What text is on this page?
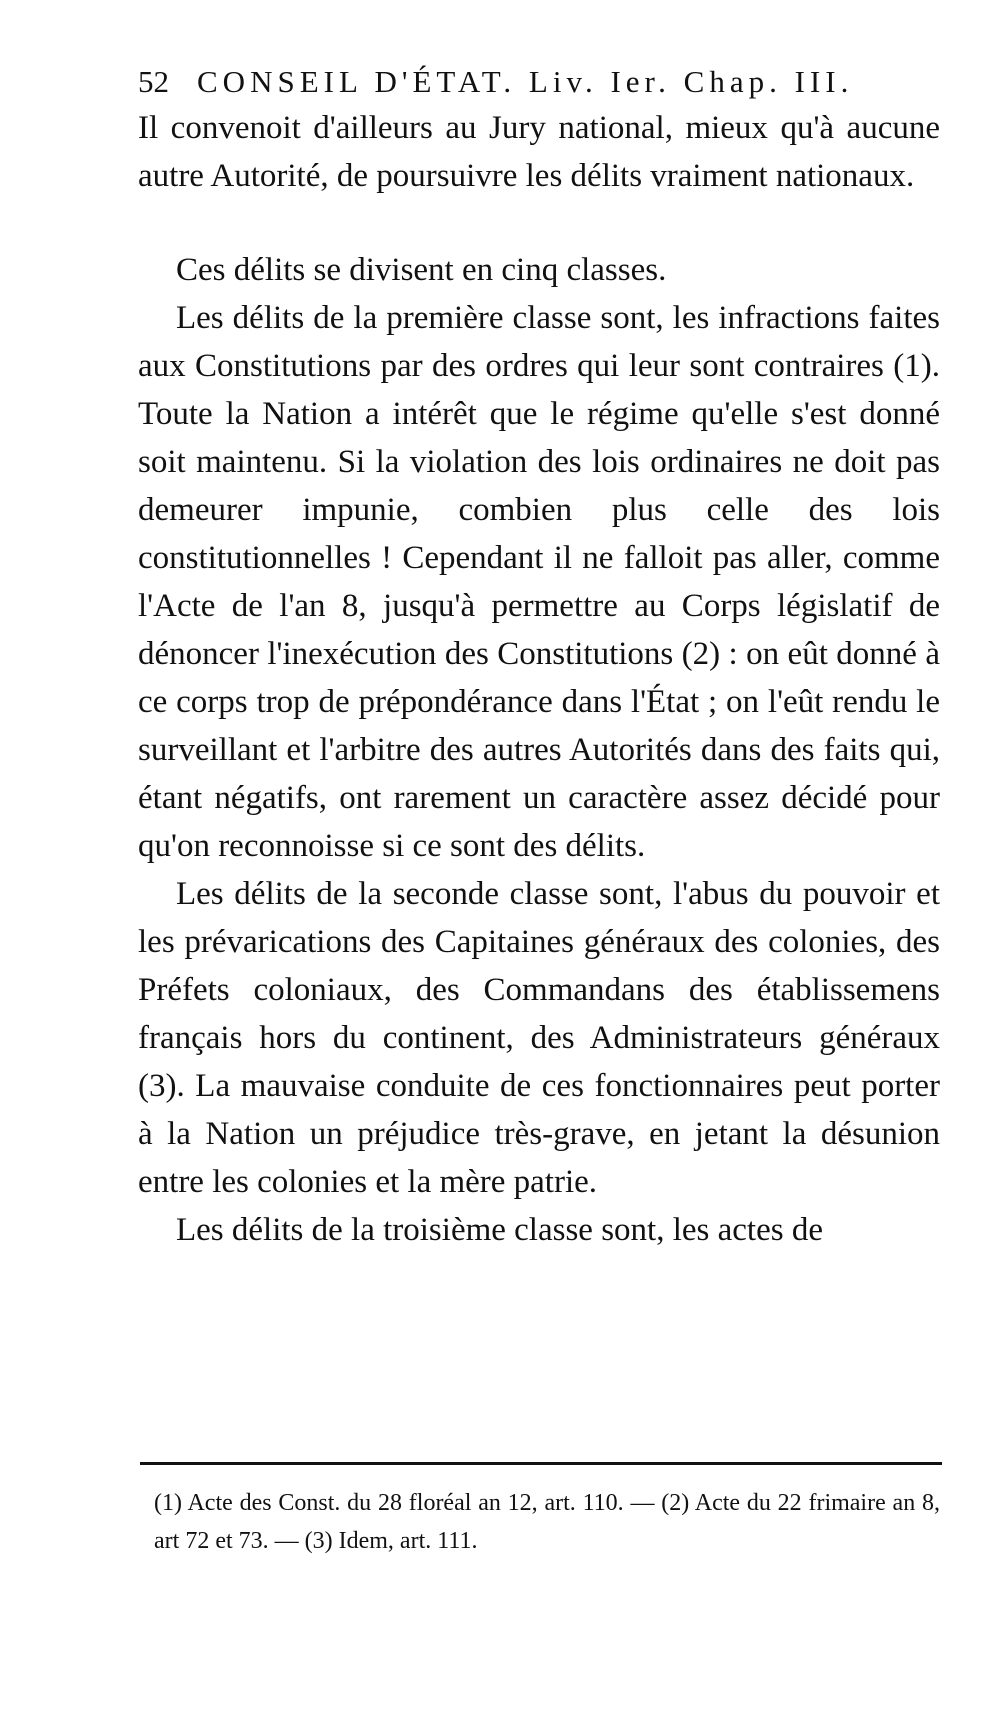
52 CONSEIL D'ÉTAT. Liv. Ier. Chap. III.

Il convenoit d'ailleurs au Jury national, mieux qu'à aucune autre Autorité, de poursuivre les délits vraiment nationaux.

Ces délits se divisent en cinq classes.

Les délits de la première classe sont, les infractions faites aux Constitutions par des ordres qui leur sont contraires (1). Toute la Nation a intérêt que le régime qu'elle s'est donné soit maintenu. Si la violation des lois ordinaires ne doit pas demeurer impunie, combien plus celle des lois constitutionnelles ! Cependant il ne falloit pas aller, comme l'Acte de l'an 8, jusqu'à permettre au Corps législatif de dénoncer l'inexécution des Constitutions (2) : on eût donné à ce corps trop de prépondérance dans l'État ; on l'eût rendu le surveillant et l'arbitre des autres Autorités dans des faits qui, étant négatifs, ont rarement un caractère assez décidé pour qu'on reconnoisse si ce sont des délits.

Les délits de la seconde classe sont, l'abus du pouvoir et les prévarications des Capitaines généraux des colonies, des Préfets coloniaux, des Commandans des établissemens français hors du continent, des Administrateurs généraux (3). La mauvaise conduite de ces fonctionnaires peut porter à la Nation un préjudice très-grave, en jetant la désunion entre les colonies et la mère patrie.

Les délits de la troisième classe sont, les actes de

(1) Acte des Const. du 28 floréal an 12, art. 110. — (2) Acte du 22 frimaire an 8, art 72 et 73. — (3) Idem, art. 111.
